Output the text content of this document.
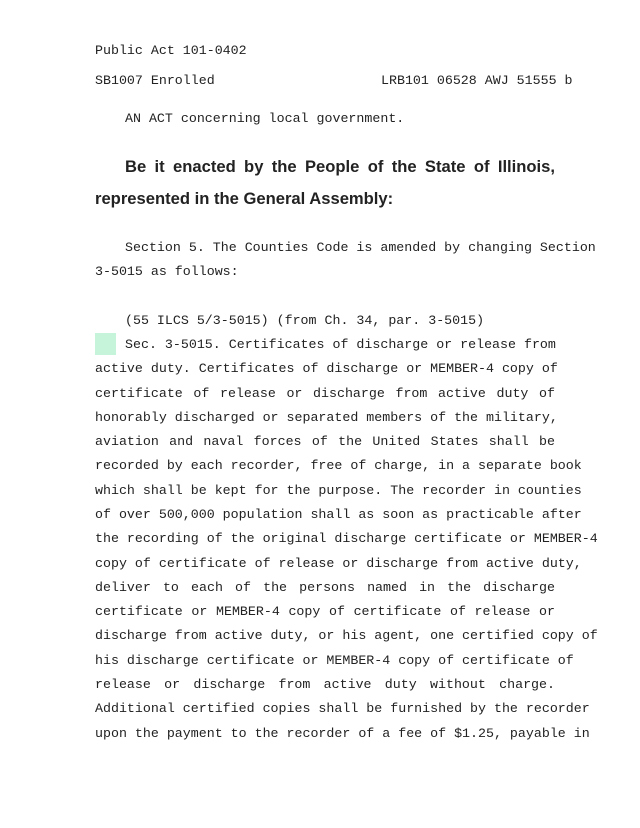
Public Act 101-0402
SB1007 Enrolled	LRB101 06528 AWJ 51555 b
AN ACT concerning local government.
Be it enacted by the People of the State of Illinois,
represented in the General Assembly:
Section 5. The Counties Code is amended by changing Section
3-5015 as follows:
(55 ILCS 5/3-5015) (from Ch. 34, par. 3-5015)
Sec. 3-5015. Certificates of discharge or release from
active duty. Certificates of discharge or MEMBER-4 copy of
certificate of release or discharge from active duty of
honorably discharged or separated members of the military,
aviation and naval forces of the United States shall be
recorded by each recorder, free of charge, in a separate book
which shall be kept for the purpose. The recorder in counties
of over 500,000 population shall as soon as practicable after
the recording of the original discharge certificate or MEMBER-4
copy of certificate of release or discharge from active duty,
deliver to each of the persons named in the discharge
certificate or MEMBER-4 copy of certificate of release or
discharge from active duty, or his agent, one certified copy of
his discharge certificate or MEMBER-4 copy of certificate of
release or discharge from active duty without charge.
Additional certified copies shall be furnished by the recorder
upon the payment to the recorder of a fee of $1.25, payable in
